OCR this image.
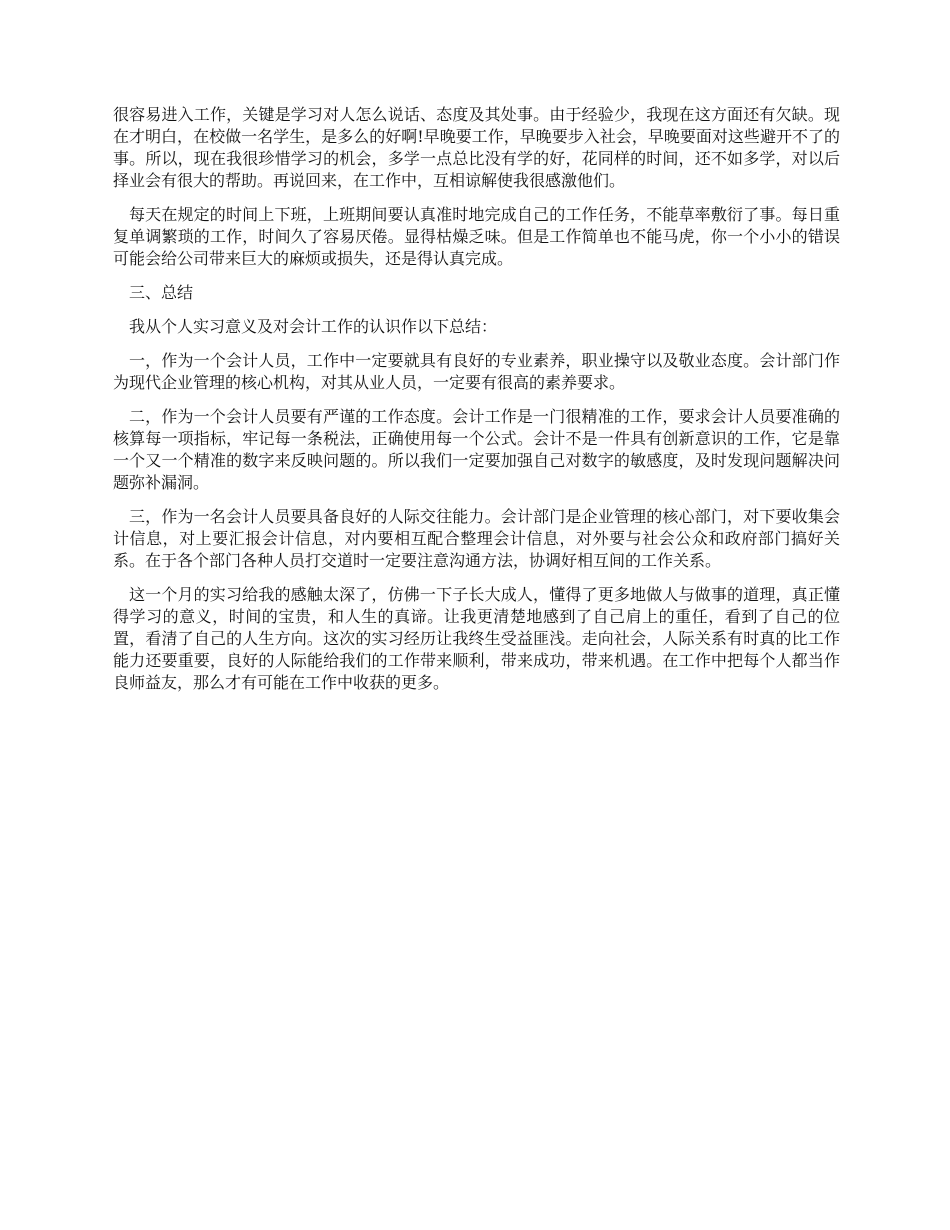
很容易进入工作，关键是学习对人怎么说话、态度及其处事。由于经验少，我现在这方面还有欠缺。现在才明白，在校做一名学生，是多么的好啊!早晚要工作，早晚要步入社会，早晚要面对这些避开不了的事。所以，现在我很珍惜学习的机会，多学一点总比没有学的好，花同样的时间，还不如多学，对以后择业会有很大的帮助。再说回来，在工作中，互相谅解使我很感激他们。

每天在规定的时间上下班，上班期间要认真准时地完成自己的工作任务，不能草率敷衍了事。每日重复单调繁琐的工作，时间久了容易厌倦。显得枯燥乏味。但是工作简单也不能马虎，你一个小小的错误可能会给公司带来巨大的麻烦或损失，还是得认真完成。

三、总结

我从个人实习意义及对会计工作的认识作以下总结：

一，作为一个会计人员，工作中一定要就具有良好的专业素养，职业操守以及敬业态度。会计部门作为现代企业管理的核心机构，对其从业人员，一定要有很高的素养要求。

二，作为一个会计人员要有严谨的工作态度。会计工作是一门很精准的工作，要求会计人员要准确的核算每一项指标，牢记每一条税法，正确使用每一个公式。会计不是一件具有创新意识的工作，它是靠一个又一个精准的数字来反映问题的。所以我们一定要加强自己对数字的敏感度，及时发现问题解决问题弥补漏洞。

三，作为一名会计人员要具备良好的人际交往能力。会计部门是企业管理的核心部门，对下要收集会计信息，对上要汇报会计信息，对内要相互配合整理会计信息，对外要与社会公众和政府部门搞好关系。在于各个部门各种人员打交道时一定要注意沟通方法，协调好相互间的工作关系。

这一个月的实习给我的感触太深了，仿佛一下子长大成人，懂得了更多地做人与做事的道理，真正懂得学习的意义，时间的宝贵，和人生的真谛。让我更清楚地感到了自己肩上的重任，看到了自己的位置，看清了自己的人生方向。这次的实习经历让我终生受益匪浅。走向社会，人际关系有时真的比工作能力还要重要，良好的人际能给我们的工作带来顺利，带来成功，带来机遇。在工作中把每个人都当作良师益友，那么才有可能在工作中收获的更多。
